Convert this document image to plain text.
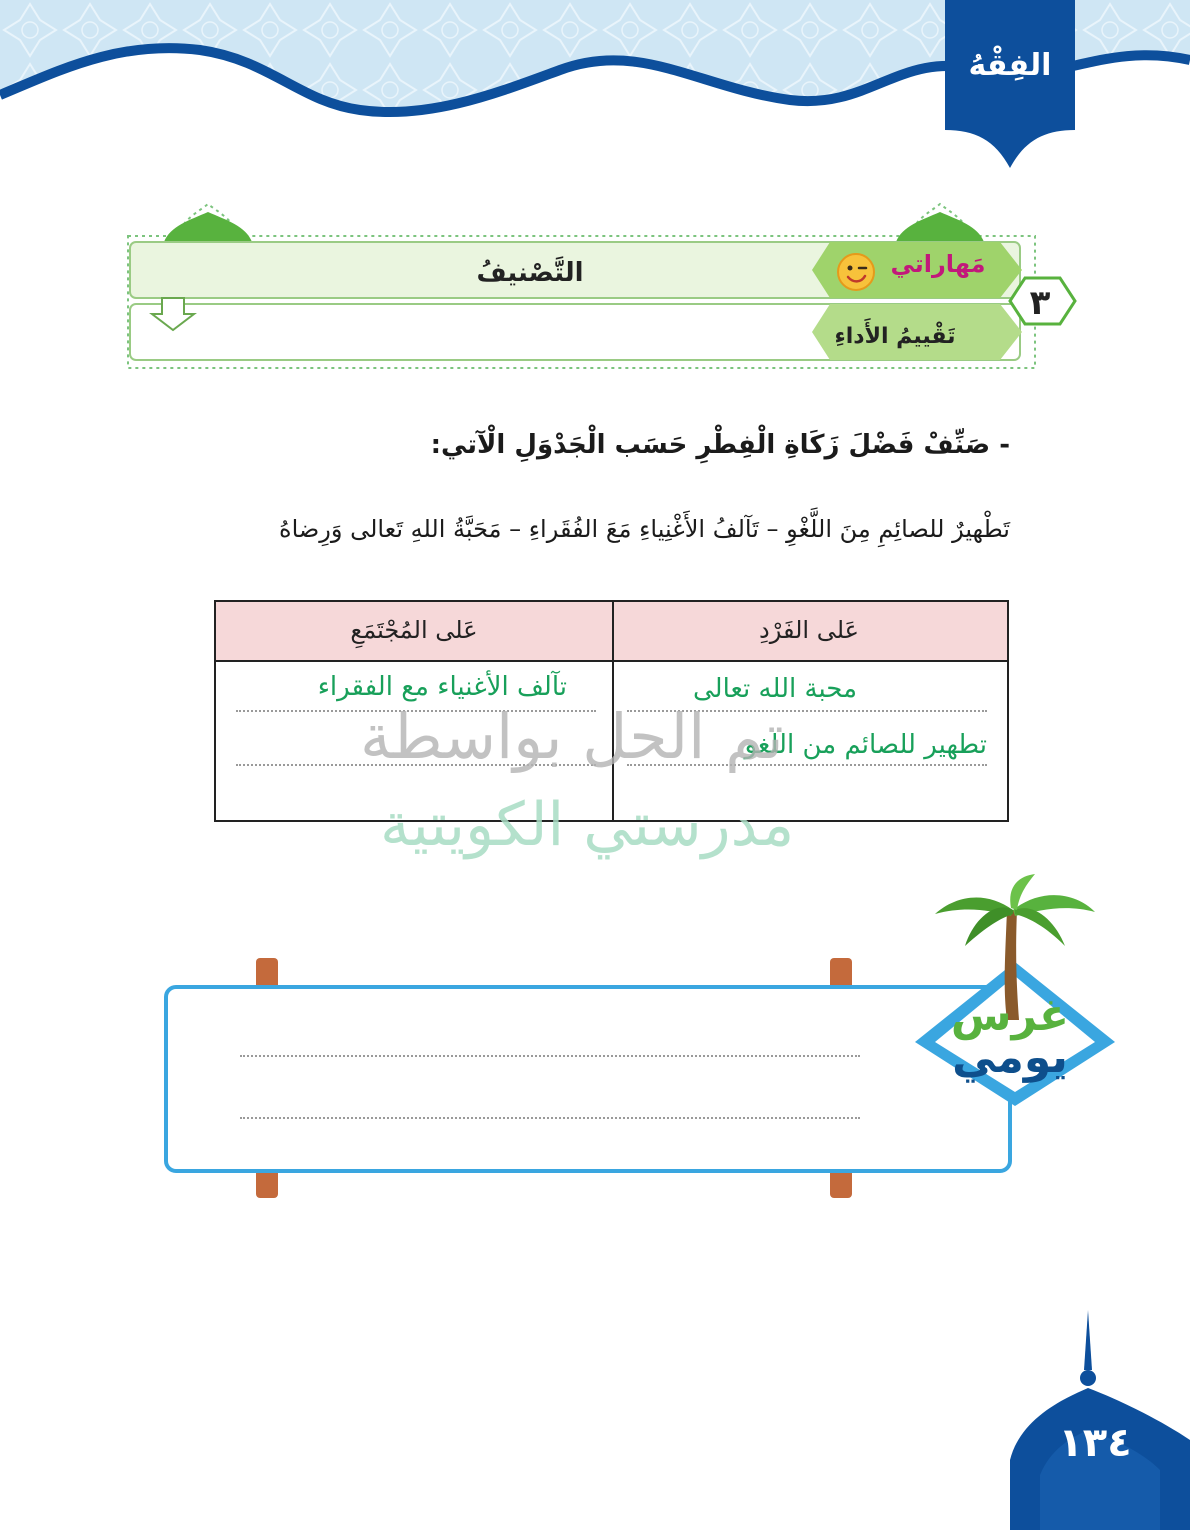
الفِقْهُ
مَهاراتي
التَّصْنيفُ
تَقْييمُ الأَداءِ
٣
- صَنِّفْ فَضْلَ زَكَاةِ الْفِطْرِ حَسَب الْجَدْوَلِ الْآتي:
تَطْهيرٌ للصائِمِ مِنَ اللَّغْوِ – تَآلفُ الأَغْنِياءِ مَعَ الفُقَراءِ – مَحَبَّةُ اللهِ تَعالى وَرِضاهُ
عَلى الفَرْدِ
عَلى المُجْتَمَعِ
محبة الله تعالى
تطهير للصائم من اللغو
تآلف الأغنياء مع الفقراء
تم الحل بواسطة
مدرستي الكويتية
غرس
يومي
١٣٤
